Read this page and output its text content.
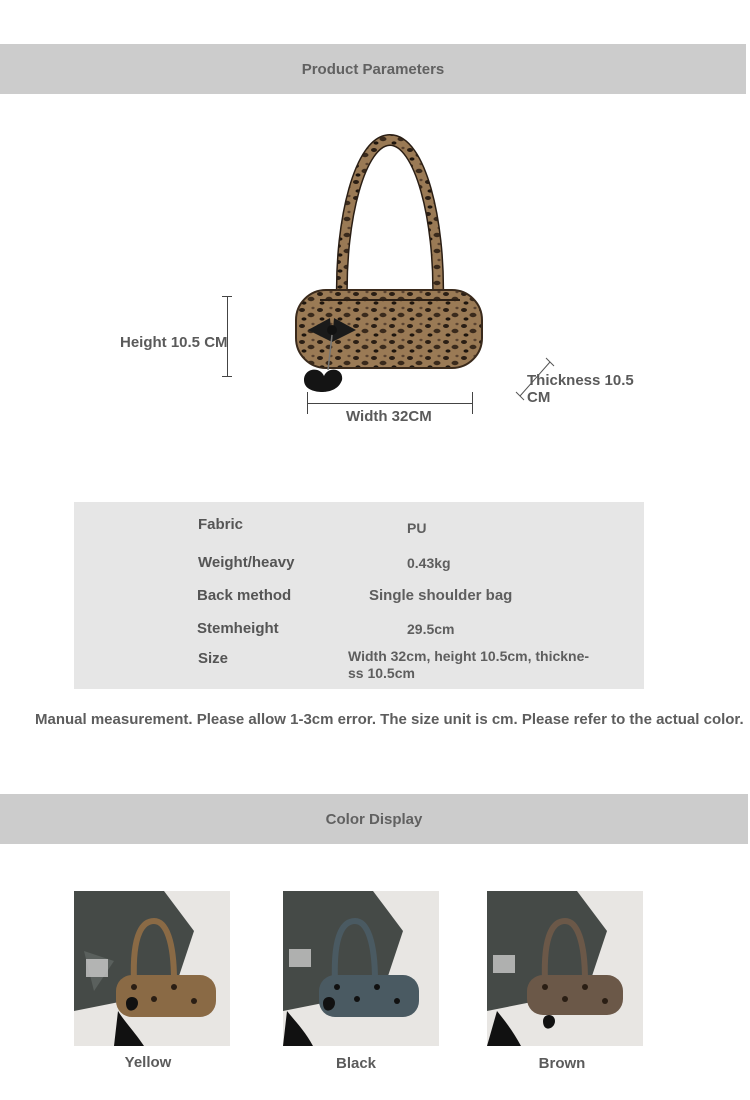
Product Parameters
Height 10.5 CM
Width 32CM
Thickness 10.5
CM
Fabric	PU
Weight/heavy	0.43kg
Back method	Single shoulder bag
Stemheight	29.5cm
Size	Width 32cm, height 10.5cm, thickne-
ss 10.5cm
Manual measurement. Please allow 1-3cm error. The size unit is cm. Please refer to the actual color.
Color Display
Yellow	Black	Brown
